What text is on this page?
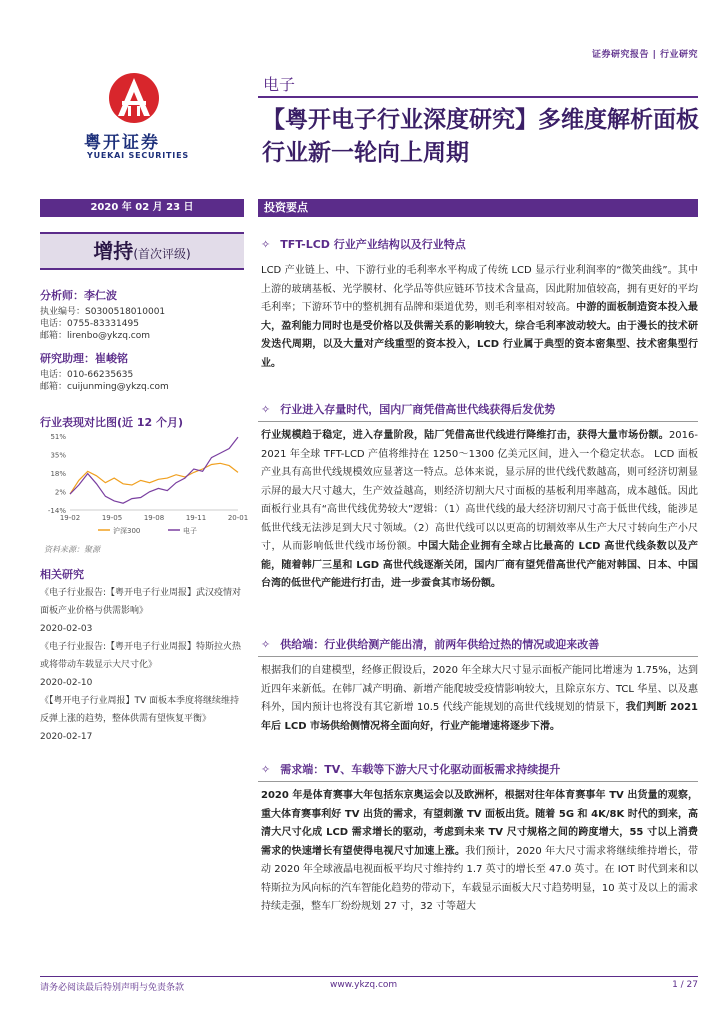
证券研究报告 | 行业研究
粤开证券
YUEKAI SECURITIES
电子
【粤开电子行业深度研究】多维度解析面板行业新一轮向上周期
2020 年 02 月 23 日	投资要点
增持(首次评级)
分析师：李仁波
执业编号：S0300518010001
电话：0755-83331495
邮箱：lirenbo@ykzq.com
研究助理：崔峻铭
电话：010-66235635
邮箱：cuijunming@ykzq.com
行业表现对比图(近 12 个月)
51%
35%
18%
2%
-14%
19-02	19-05	19-08	19-11	20-01
沪深300	电子
资料来源：聚源
相关研究
《电子行业报告:【粤开电子行业周报】武汉疫情对面板产业价格与供需影响》
2020-02-03
《电子行业报告:【粤开电子行业周报】特斯拉火热或将带动车载显示大尺寸化》
2020-02-10
《【粤开电子行业周报】TV 面板本季度将继续维持反弹上涨的趋势，整体供需有望恢复平衡》
2020-02-17
✧ TFT-LCD 行业产业结构以及行业特点
LCD 产业链上、中、下游行业的毛利率水平构成了传统 LCD 显示行业利润率的“微笑曲线”。其中上游的玻璃基板、光学膜材、化学品等供应链环节技术含量高，因此附加值较高，拥有更好的平均毛利率；下游环节中的整机拥有品牌和渠道优势，则毛利率相对较高。中游的面板制造资本投入最大，盈利能力同时也是受价格以及供需关系的影响较大，综合毛利率波动较大。由于漫长的技术研发迭代周期，以及大量对产线重型的资本投入，LCD 行业属于典型的资本密集型、技术密集型行业。
✧ 行业进入存量时代，国内厂商凭借高世代线获得后发优势
行业规模趋于稳定，进入存量阶段，陆厂凭借高世代线进行降维打击，获得大量市场份额。2016-2021 年全球 TFT-LCD 产值将维持在 1250～1300 亿美元区间，进入一个稳定状态。 LCD 面板产业具有高世代线规模效应显著这一特点。总体来说，显示屏的世代线代数越高，则可经济切割显示屏的最大尺寸越大，生产效益越高，则经济切割大尺寸面板的基板利用率越高，成本越低。因此面板行业具有“高世代线优势较大”逻辑：（1）高世代线的最大经济切割尺寸高于低世代线，能涉足低世代线无法涉足到大尺寸领域。（2）高世代线可以以更高的切割效率从生产大尺寸转向生产小尺寸，从而影响低世代线市场份额。中国大陆企业拥有全球占比最高的 LCD 高世代线条数以及产能，随着韩厂三星和 LGD 高世代线逐渐关闭，国内厂商有望凭借高世代产能对韩国、日本、中国台湾的低世代产能进行打击，进一步蚕食其市场份额。
✧ 供给端：行业供给测产能出清，前两年供给过热的情况或迎来改善
根据我们的自建模型，经修正假设后，2020 年全球大尺寸显示面板产能同比增速为 1.75%，达到近四年来新低。在韩厂减产明确、新增产能爬坡受疫情影响较大，且除京东方、TCL 华星、以及惠科外，国内预计也将没有其它新增 10.5 代线产能规划的高世代线规划的情景下，我们判断 2021 年后 LCD 市场供给侧情况将全面向好，行业产能增速将逐步下滑。
✧ 需求端：TV、车载等下游大尺寸化驱动面板需求持续提升
2020 年是体育赛事大年包括东京奥运会以及欧洲杯，根据对往年体育赛事年 TV 出货量的观察，重大体育赛事利好 TV 出货的需求，有望刺激 TV 面板出货。随着 5G 和 4K/8K 时代的到来，高清大尺寸化成 LCD 需求增长的驱动，考虑到未来 TV 尺寸规格之间的跨度增大，55 寸以上消费需求的快速增长有望使得电视尺寸加速上涨。我们预计，2020 年大尺寸需求将继续维持增长，带动 2020 年全球液晶电视面板平均尺寸维持约 1.7 英寸的增长至 47.0 英寸。在 IOT 时代到来和以特斯拉为风向标的汽车智能化趋势的带动下，车载显示面板大尺寸趋势明显，10 英寸及以上的需求持续走强，整车厂纷纷规划 27 寸，32 寸等超大
请务必阅读最后特别声明与免责条款	www.ykzq.com	1 / 27
